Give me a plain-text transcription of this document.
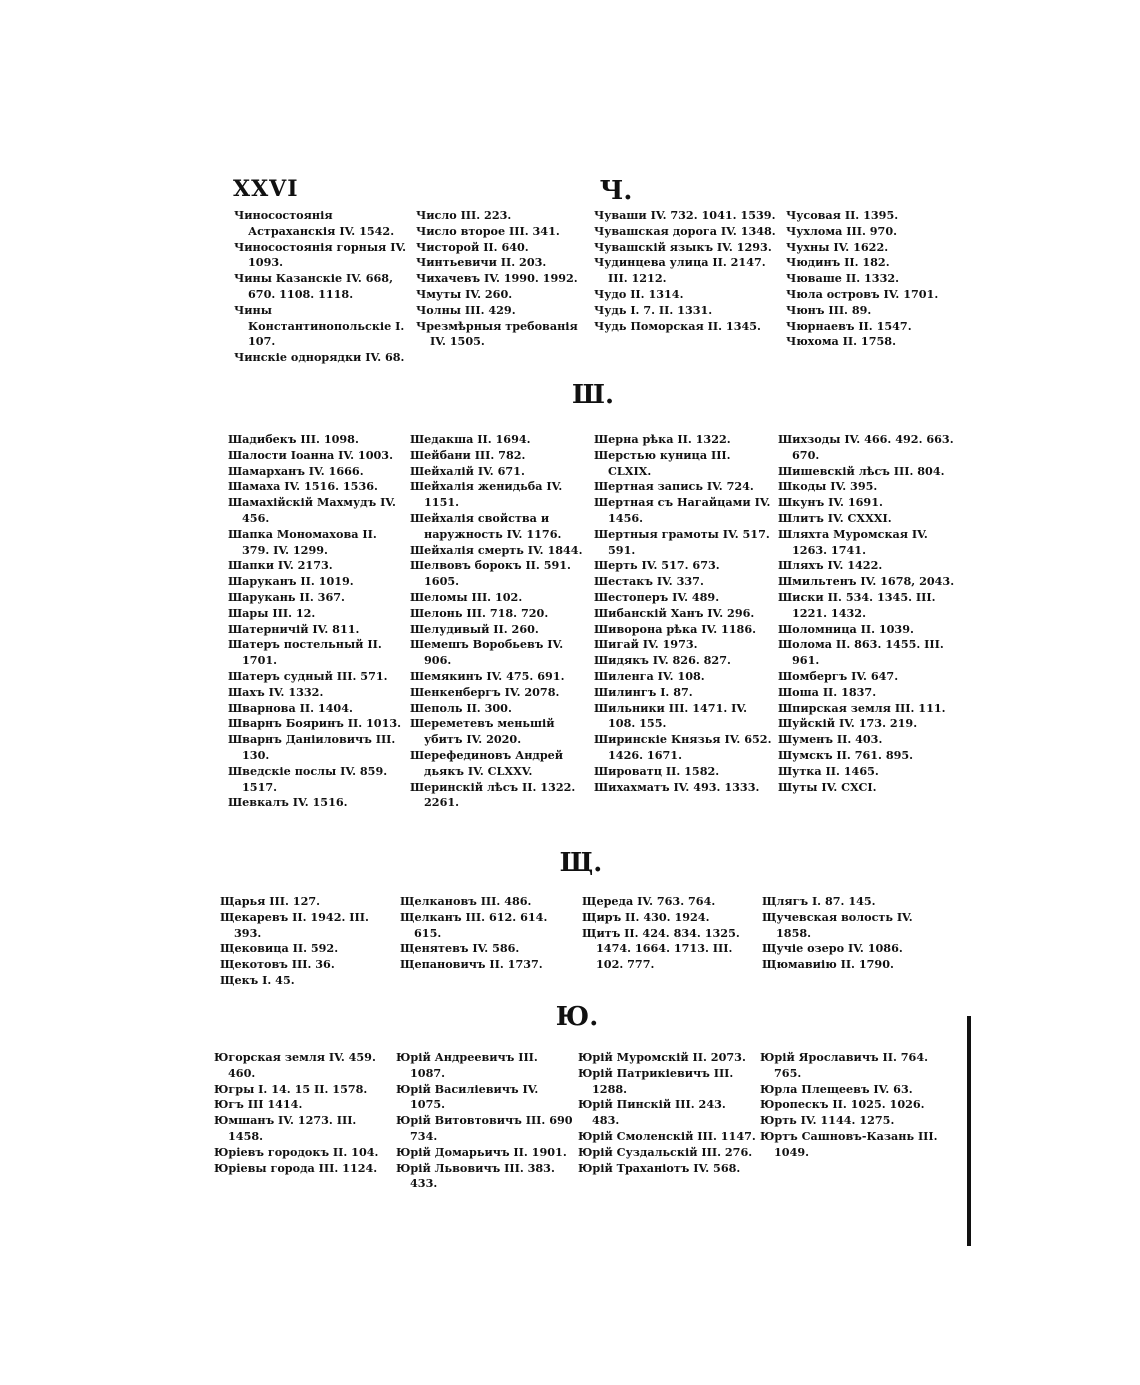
XXVI	Ч.
Чиносостоянія Астраханскія IV. 1542.
Чиносостоянія горныя IV. 1093.
Чины Казанскіе IV. 668, 670. 1108. 1118.
Чины Константинопольскіе I. 107.
Чинскіе однорядки IV. 68.
Число III. 223.
Число второе III. 341.
Чисторой II. 640.
Чинтьевичи II. 203.
Чихачевъ IV. 1990. 1992.
Чмуты IV. 260.
Чолны III. 429.
Чрезмѣрныя требованія IV. 1505.
Чуваши IV. 732. 1041. 1539.
Чувашская дорога IV. 1348.
Чувашскій языкъ IV. 1293.
Чудинцева улица II. 2147. III. 1212.
Чудо II. 1314.
Чудь I. 7. II. 1331.
Чудь Поморская II. 1345.
Чусовая II. 1395.
Чухлома III. 970.
Чухны IV. 1622.
Чюдинъ II. 182.
Чюваше II. 1332.
Чюла островъ IV. 1701.
Чюнъ III. 89.
Чюрнаевъ II. 1547.
Чюхома II. 1758.
Ш.
Шадибекъ III. 1098.
Шалости Іоанна IV. 1003.
Шамарханъ IV. 1666.
Шамаха IV. 1516. 1536.
Шамахійскій Махмудъ IV. 456.
Шапка Мономахова II. 379. IV. 1299.
Шапки IV. 2173.
Шаруканъ II. 1019.
Шарукань II. 367.
Шары III. 12.
Шатерничій IV. 811.
Шатеръ постельный II. 1701.
Шатеръ судный III. 571.
Шахъ IV. 1332.
Шварнова II. 1404.
Шварнъ Бояринъ II. 1013.
Шварнъ Даніиловичъ III. 130.
Шведскіе послы IV. 859. 1517.
Шевкалъ IV. 1516.
Шедакша II. 1694.
Шейбани III. 782.
Шейхалій IV. 671.
Шейхалія женидьба IV. 1151.
Шейхалія свойства и наружность IV. 1176.
Шейхалія смерть IV. 1844.
Шелвовъ борокъ II. 591. 1605.
Шеломы III. 102.
Шелонь III. 718. 720.
Шелудивый II. 260.
Шемешъ Воробьевъ IV. 906.
Шемякинъ IV. 475. 691.
Шенкенбергъ IV. 2078.
Шеполь II. 300.
Шереметевъ меньшій убитъ IV. 2020.
Шерефединовъ Андрей дьякъ IV. CLXXV.
Шеринскій лѣсъ II. 1322. 2261.
Шерна рѣка II. 1322.
Шерстью куница III. CLXIX.
Шертная запись IV. 724.
Шертная съ Нагайцами IV. 1456.
Шертныя грамоты IV. 517. 591.
Шерть IV. 517. 673.
Шестакъ IV. 337.
Шестоперъ IV. 489.
Шибанскій Ханъ IV. 296.
Шиворона рѣка IV. 1186.
Шигай IV. 1973.
Шидякъ IV. 826. 827.
Шиленга IV. 108.
Шилингъ I. 87.
Шильники III. 1471. IV. 108. 155.
Ширинскіе Князья IV. 652. 1426. 1671.
Широватц II. 1582.
Шихахматъ IV. 493. 1333.
Шихзоды IV. 466. 492. 663. 670.
Шишевскій лѣсъ III. 804.
Шкоды IV. 395.
Шкунъ IV. 1691.
Шлитъ IV. CXXXI.
Шляхта Муромская IV. 1263. 1741.
Шляхъ IV. 1422.
Шмильтенъ IV. 1678, 2043.
Шиски II. 534. 1345. III. 1221. 1432.
Шоломница II. 1039.
Шолома II. 863. 1455. III. 961.
Шомбергъ IV. 647.
Шоша II. 1837.
Шпирская земля III. 111.
Шуйскій IV. 173. 219.
Шуменъ II. 403.
Шумскъ II. 761. 895.
Шутка II. 1465.
Шуты IV. CXCI.
Щ.
Щарья III. 127.
Щекаревъ II. 1942. III. 393.
Щековица II. 592.
Щекотовъ III. 36.
Щекъ I. 45.
Щелкановъ III. 486.
Щелканъ III. 612. 614. 615.
Щенятевъ IV. 586.
Щепановичъ II. 1737.
Щереда IV. 763. 764.
Щиръ II. 430. 1924.
Щитъ II. 424. 834. 1325. 1474. 1664. 1713. III. 102. 777.
Щлягъ I. 87. 145.
Щучевская волость IV. 1858.
Щучіе озеро IV. 1086.
Щюмавиію II. 1790.
Ю.
Югорская земля IV. 459. 460.
Югры I. 14. 15 II. 1578.
Югъ III 1414.
Юмшанъ IV. 1273. III. 1458.
Юрiевъ городокъ II. 104.
Юрiевы города III. 1124.
Юрій Андреевичъ III. 1087.
Юрій Василіевичъ IV. 1075.
Юрій Витовтовичъ III. 690 734.
Юрій Домарьичъ II. 1901.
Юрій Львовичъ III. 383. 433.
Юрій Муромскій II. 2073.
Юрій Патрикіевичъ III. 1288.
Юрій Пинскій III. 243. 483.
Юрій Смоленскій III. 1147.
Юрій Суздальскій III. 276.
Юрій Траханіотъ IV. 568.
Юрій Ярославичъ II. 764. 765.
Юрла Плещеевъ IV. 63.
Юропескъ II. 1025. 1026.
Юрть IV. 1144. 1275.
Юртъ Сашновъ-Казань III. 1049.
